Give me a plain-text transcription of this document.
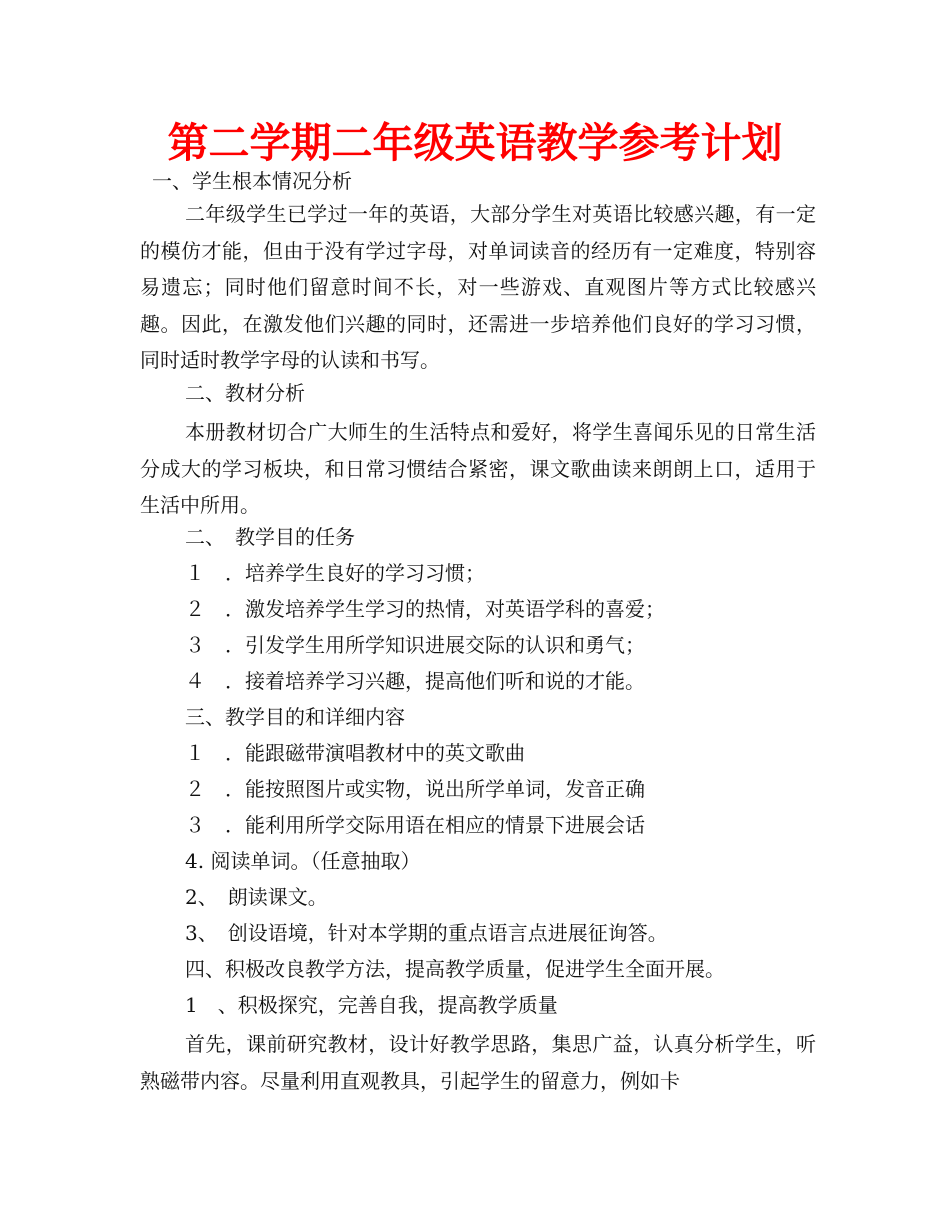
第二学期二年级英语教学参考计划
一、学生根本情况分析
二年级学生已学过一年的英语，大部分学生对英语比较感兴趣，有一定的模仿才能，但由于没有学过字母，对单词读音的经历有一定难度，特别容易遗忘；同时他们留意时间不长，对一些游戏、直观图片等方式比较感兴趣。因此，在激发他们兴趣的同时，还需进一步培养他们良好的学习习惯，同时适时教学字母的认读和书写。
二、教材分析
本册教材切合广大师生的生活特点和爱好，将学生喜闻乐见的日常生活分成大的学习板块，和日常习惯结合紧密，课文歌曲读来朗朗上口，适用于生活中所用。
二、　教学目的任务
１　．培养学生良好的学习习惯；
２　．激发培养学生学习的热情，对英语学科的喜爱；
３　．引发学生用所学知识进展交际的认识和勇气；
４　．接着培养学习兴趣，提高他们听和说的才能。
三、教学目的和详细内容
１　．能跟磁带演唱教材中的英文歌曲
２　．能按照图片或实物，说出所学单词，发音正确
３　．能利用所学交际用语在相应的情景下进展会话
4. 阅读单词。（任意抽取）
2、　朗读课文。
3、　创设语境，针对本学期的重点语言点进展征询答。
四、积极改良教学方法，提高教学质量，促进学生全面开展。
1　、积极探究，完善自我，提高教学质量
首先，课前研究教材，设计好教学思路，集思广益，认真分析学生，听熟磁带内容。尽量利用直观教具，引起学生的留意力，例如卡
